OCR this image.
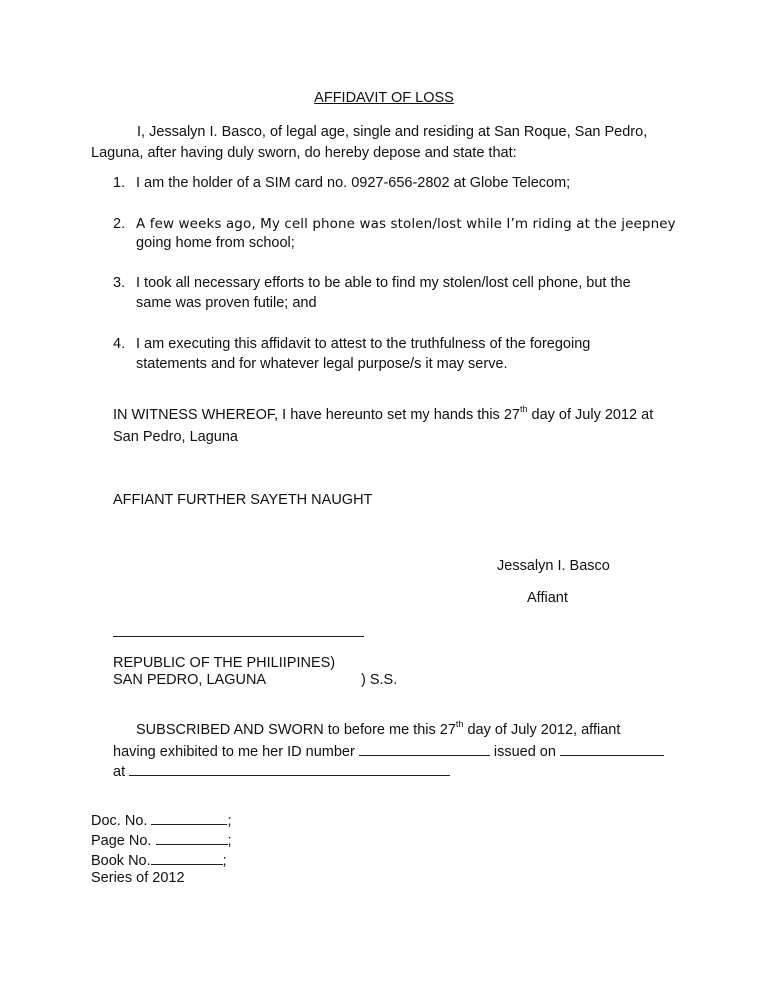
AFFIDAVIT OF LOSS
I, Jessalyn I. Basco, of legal age, single and residing at San Roque, San Pedro,
Laguna, after having duly sworn, do hereby depose and state that:
1. I am the holder of a SIM card no. 0927-656-2802 at Globe Telecom;
2. A few weeks ago, My cell phone was stolen/lost while I’m riding at the jeepney
going home from school;
3. I took all necessary efforts to be able to find my stolen/lost cell phone, but the
same was proven futile; and
4. I am executing this affidavit to attest to the truthfulness of the foregoing
statements and for whatever legal purpose/s it may serve.
IN WITNESS WHEREOF, I have hereunto set my hands this 27th day of July 2012 at
San Pedro, Laguna
AFFIANT FURTHER SAYETH NAUGHT
Jessalyn I. Basco
Affiant
REPUBLIC OF THE PHILIIPINES)
SAN PEDRO, LAGUNA	) S.S.
SUBSCRIBED AND SWORN to before me this 27th day of July 2012, affiant
having exhibited to me her ID number	issued on
at
Doc. No.	;
Page No.	;
Book No.	;
Series of 2012
